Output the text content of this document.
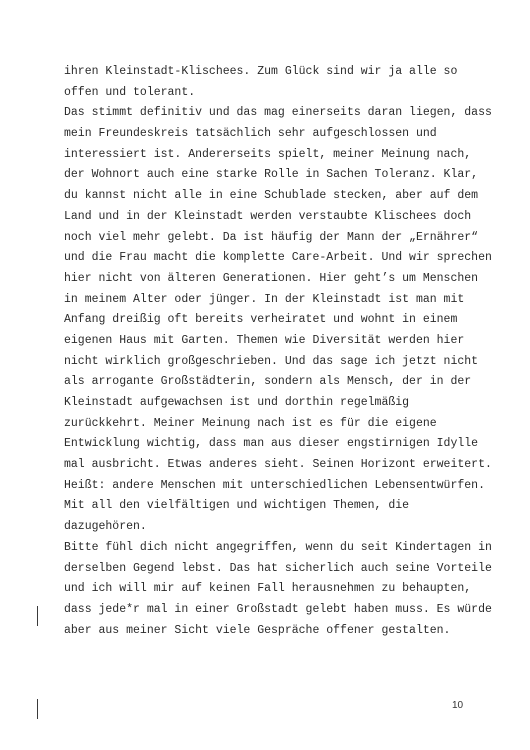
ihren Kleinstadt-Klischees. Zum Glück sind wir ja alle so
offen und tolerant.
Das stimmt definitiv und das mag einerseits daran liegen, dass
mein Freundeskreis tatsächlich sehr aufgeschlossen und
interessiert ist. Andererseits spielt, meiner Meinung nach,
der Wohnort auch eine starke Rolle in Sachen Toleranz. Klar,
du kannst nicht alle in eine Schublade stecken, aber auf dem
Land und in der Kleinstadt werden verstaubte Klischees doch
noch viel mehr gelebt. Da ist häufig der Mann der „Ernährer“
und die Frau macht die komplette Care-Arbeit. Und wir sprechen
hier nicht von älteren Generationen. Hier geht’s um Menschen
in meinem Alter oder jünger. In der Kleinstadt ist man mit
Anfang dreißig oft bereits verheiratet und wohnt in einem
eigenen Haus mit Garten. Themen wie Diversität werden hier
nicht wirklich großgeschrieben. Und das sage ich jetzt nicht
als arrogante Großstädterin, sondern als Mensch, der in der
Kleinstadt aufgewachsen ist und dorthin regelmäßig
zurückkehrt. Meiner Meinung nach ist es für die eigene
Entwicklung wichtig, dass man aus dieser engstirnigen Idylle
mal ausbricht. Etwas anderes sieht. Seinen Horizont erweitert.
Heißt: andere Menschen mit unterschiedlichen Lebensentwürfen.
Mit all den vielfältigen und wichtigen Themen, die
dazugehören.
Bitte fühl dich nicht angegriffen, wenn du seit Kindertagen in
derselben Gegend lebst. Das hat sicherlich auch seine Vorteile
und ich will mir auf keinen Fall herausnehmen zu behaupten,
dass jede*r mal in einer Großstadt gelebt haben muss. Es würde
aber aus meiner Sicht viele Gespräche offener gestalten.
10
